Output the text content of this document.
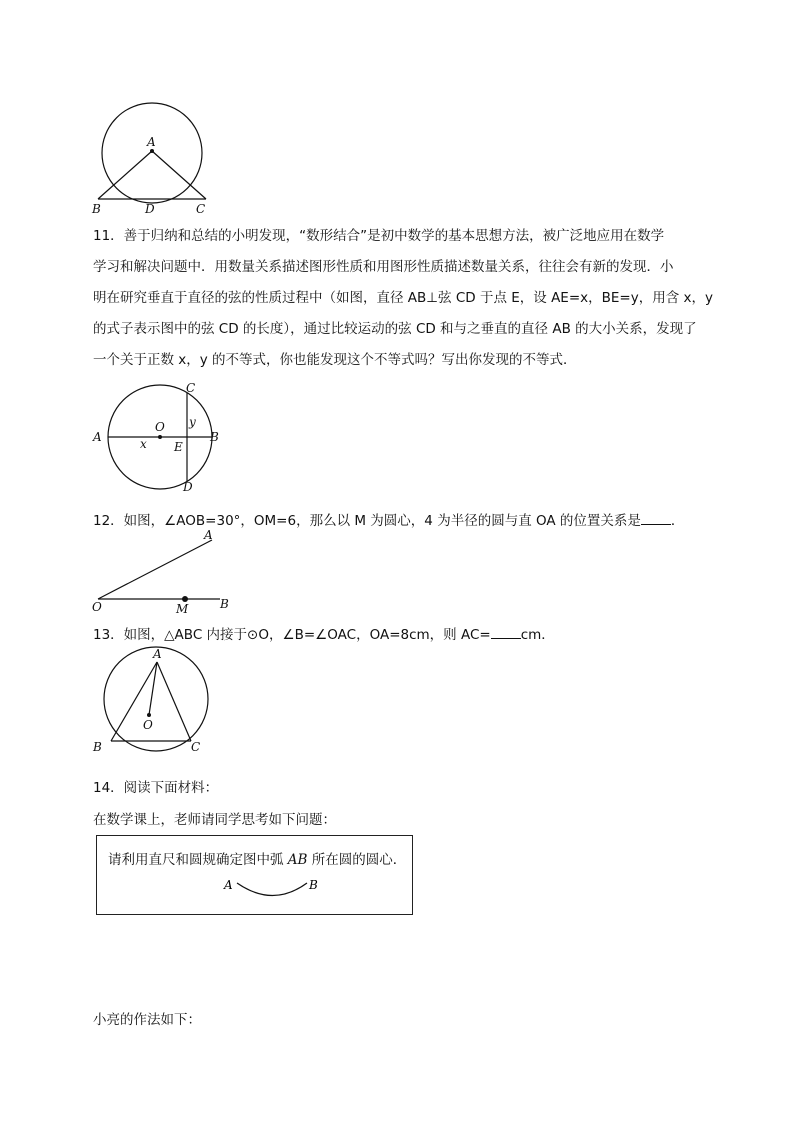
A
B	D	C
11．善于归纳和总结的小明发现，“数形结合”是初中数学的基本思想方法，被广泛地应用在数学
学习和解决问题中．用数量关系描述图形性质和用图形性质描述数量关系，往往会有新的发现．小
明在研究垂直于直径的弦的性质过程中（如图，直径 AB⊥弦 CD 于点 E，设 AE=x，BE=y，用含 x，y
的式子表示图中的弦 CD 的长度），通过比较运动的弦 CD 和与之垂直的直径 AB 的大小关系，发现了
一个关于正数 x，y 的不等式，你也能发现这个不等式吗？写出你发现的不等式．
A	B
C
D
O
E
x
y
12．如图，∠AOB=30°，OM=6，那么以 M 为圆心，4 为半径的圆与直 OA 的位置关系是 ．
A
O	M	B
13．如图，△ABC 内接于⊙O，∠B=∠OAC，OA=8cm，则 AC= cm．
A
O
B	C
14．阅读下面材料：
在数学课上，老师请同学思考如下问题：
请利用直尺和圆规确定图中弧 AB 所在圆的圆心．
A	B
小亮的作法如下：
